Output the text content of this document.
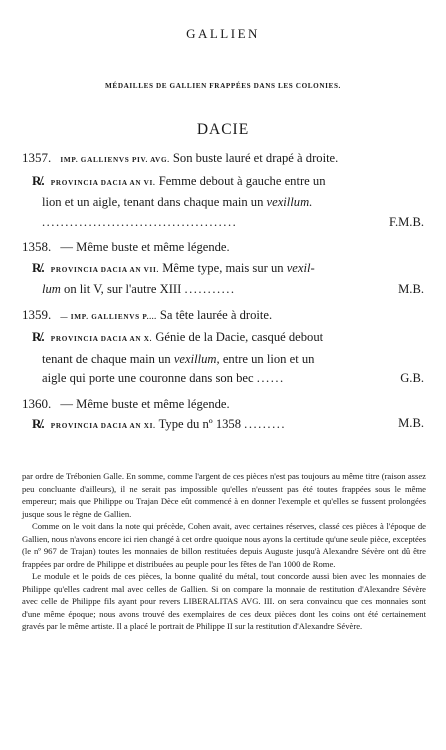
GALLIEN
MÉDAILLES DE GALLIEN FRAPPÉES DANS LES COLONIES.
DACIE
1357. IMP. GALLIENVS PIV. AVG. Son buste lauré et drapé à droite.
R̸. PROVINCIA DACIA AN VI. Femme debout à gauche entre un
lion et un aigle, tenant dans chaque main un vexillum.
..........................................	F.M.B.
1358. — Même buste et même légende.
R̸. PROVINCIA DACIA AN VII. Même type, mais sur un vexil-
lum on lit V, sur l'autre XIII ...........	M.B.
1359. — IMP. GALLIENVS P.... Sa tête laurée à droite.
R̸. PROVINCIA DACIA AN X. Génie de la Dacie, casqué debout
tenant de chaque main un vexillum, entre un lion et un
aigle qui porte une couronne dans son bec ......	G.B.
1360. — Même buste et même légende.
R̸. PROVINCIA DACIA AN XI. Type du nº 1358 .........	M.B.

par ordre de Trébonien Galle. En somme, comme l'argent de ces pièces n'est pas toujours au même titre (raison assez peu concluante d'ailleurs), il ne serait pas impossible qu'elles n'eussent pas été toutes frappées sous le même empereur; mais que Philippe ou Trajan Dèce eût commencé à en donner l'exemple et qu'elles se fussent prolongées jusque sous le règne de Gallien.

Comme on le voit dans la note qui précède, Cohen avait, avec certaines réserves, classé ces pièces à l'époque de Gallien, nous n'avons encore ici rien changé à cet ordre quoique nous ayons la certitude qu'une seule pièce, exceptées (le nº 967 de Trajan) toutes les monnaies de billon restituées depuis Auguste jusqu'à Alexandre Sévère ont dû être frappées par ordre de Philippe et distribuées au peuple pour les fêtes de l'an 1000 de Rome.

Le module et le poids de ces pièces, la bonne qualité du métal, tout concorde aussi bien avec les monnaies de Philippe qu'elles cadrent mal avec celles de Gallien. Si on compare la monnaie de restitution d'Alexandre Sévère avec celle de Philippe fils ayant pour revers LIBERALITAS AVG. III. on sera convaincu que ces monnaies sont d'une même époque; nous avons trouvé des exemplaires de ces deux pièces dont les coins ont été certainement gravés par le même artiste. Il a placé le portrait de Philippe II sur la restitution d'Alexandre Sévère.
